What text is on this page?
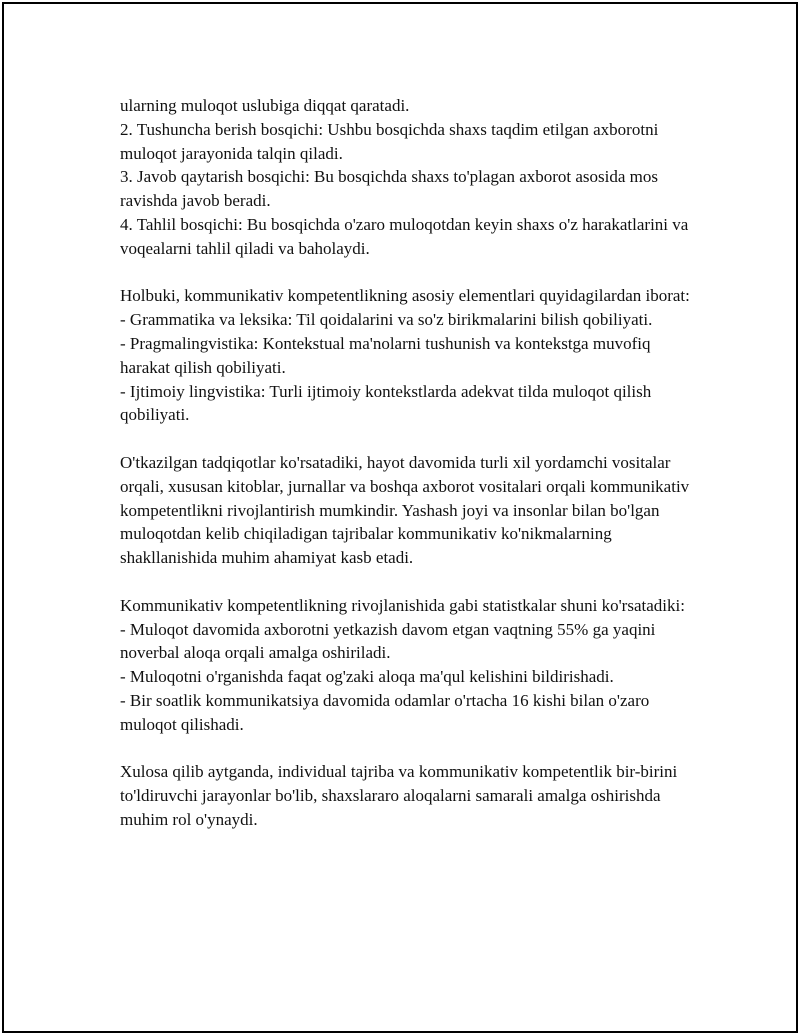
ularning muloqot uslubiga diqqat qaratadi.
2. Tushuncha berish bosqichi: Ushbu bosqichda shaxs taqdim etilgan axborotni muloqot jarayonida talqin qiladi.
3. Javob qaytarish bosqichi: Bu bosqichda shaxs to'plagan axborot asosida mos ravishda javob beradi.
4. Tahlil bosqichi: Bu bosqichda o'zaro muloqotdan keyin shaxs o'z harakatlarini va voqealarni tahlil qiladi va baholaydi.

Holbuki, kommunikativ kompetentlikning asosiy elementlari quyidagilardan iborat:
- Grammatika va leksika: Til qoidalarini va so'z birikmalarini bilish qobiliyati.
- Pragmalingvistika: Kontekstual ma'nolarni tushunish va kontekstga muvofiq harakat qilish qobiliyati.
- Ijtimoiy lingvistika: Turli ijtimoiy kontekstlarda adekvat tilda muloqot qilish qobiliyati.

O'tkazilgan tadqiqotlar ko'rsatadiki, hayot davomida turli xil yordamchi vositalar orqali, xususan kitoblar, jurnallar va boshqa axborot vositalari orqali kommunikativ kompetentlikni rivojlantirish mumkindir. Yashash joyi va insonlar bilan bo'lgan muloqotdan kelib chiqiladigan tajribalar kommunikativ ko'nikmalarning shakllanishida muhim ahamiyat kasb etadi.

Kommunikativ kompetentlikning rivojlanishida gabi statistkalar shuni ko'rsatadiki:
- Muloqot davomida axborotni yetkazish davom etgan vaqtning 55% ga yaqini noverbal aloqa orqali amalga oshiriladi.
- Muloqotni o'rganishda faqat og'zaki aloqa ma'qul kelishini bildirishadi.
- Bir soatlik kommunikatsiya davomida odamlar o'rtacha 16 kishi bilan o'zaro muloqot qilishadi.

Xulosa qilib aytganda, individual tajriba va kommunikativ kompetentlik bir-birini to'ldiruvchi jarayonlar bo'lib, shaxslararo aloqalarni samarali amalga oshirishda muhim rol o'ynaydi.
